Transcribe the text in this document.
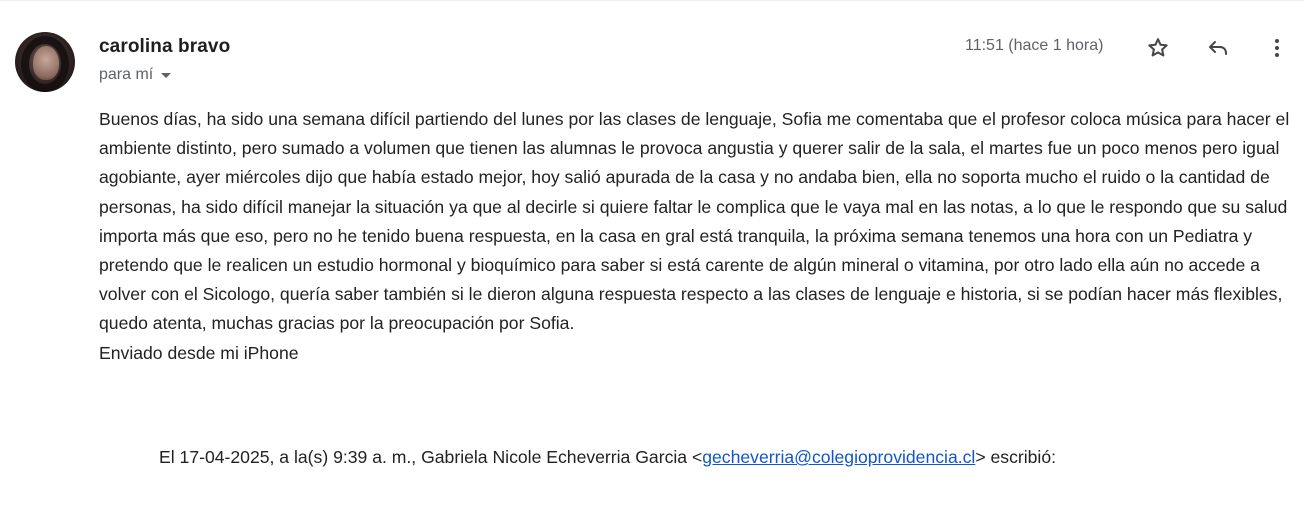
carolina bravo
para mí
11:51 (hace 1 hora)

Buenos días, ha sido una semana difícil partiendo del lunes por las clases de lenguaje, Sofia me comentaba que el profesor coloca música para hacer el ambiente distinto, pero sumado a volumen que tienen las alumnas le provoca angustia y querer salir de la sala, el martes fue un poco menos pero igual agobiante, ayer miércoles dijo que había estado mejor, hoy salió apurada de la casa y no andaba bien, ella no soporta mucho el ruido o la cantidad de personas, ha sido difícil manejar la situación ya que al decirle si quiere faltar le complica que le vaya mal en las notas, a lo que le respondo que su salud importa más que eso, pero no he tenido buena respuesta, en la casa en gral está tranquila, la próxima semana tenemos una hora con un Pediatra y pretendo que le realicen un estudio hormonal y bioquímico para saber si está carente de algún mineral o vitamina, por otro lado ella aún no accede a volver con el Sicologo, quería saber también si le dieron alguna respuesta respecto a las clases de lenguaje e historia, si se podían hacer más flexibles, quedo atenta, muchas gracias por la preocupación por Sofia.

Enviado desde mi iPhone
El 17-04-2025, a la(s) 9:39 a. m., Gabriela Nicole Echeverria Garcia <gecheverria@colegioprovidencia.cl> escribió:
